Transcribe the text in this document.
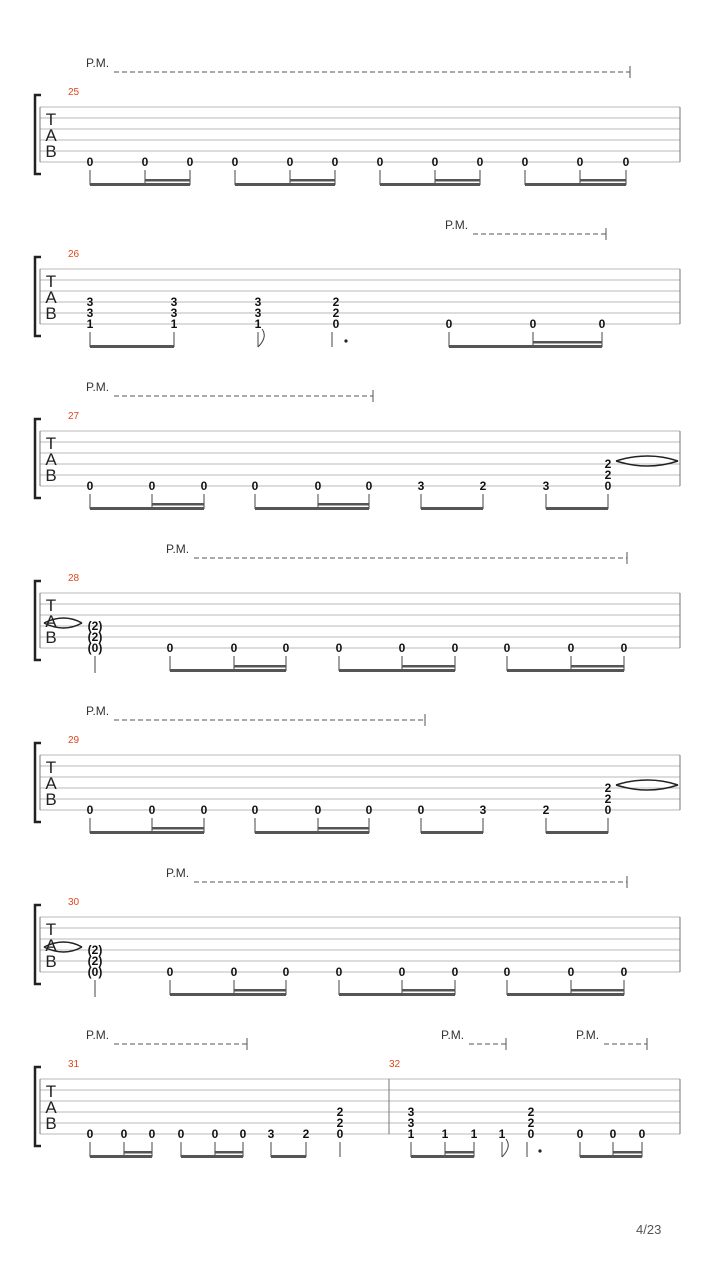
P.M.
25
T
A
B
0	0	0	0	0	0	0	0	0	0	0	0
P.M.
26
T
A
B
3
3
1
3
3
1
3
3
1
2
2
0	0	0	0
P.M.
27
T
A
B
0	0	0	0	0	0	3	2	3
2
2
0
P.M.
28
T
A
B
(2)
(2)
(0)	0	0	0	0	0	0	0	0	0
P.M.
29
T
A
B
0	0	0	0	0	0	0	3	2
2
2
0
P.M.
30
T
A
B
(2)
(2)
(0)	0	0	0	0	0	0	0	0	0
P.M.	P.M.	P.M.
31	32
T
A
B
0 0 0 0 0 0 3 2
2
2
0
3
3
1 1 1 1
2
2
0	0 0 0
4/23
